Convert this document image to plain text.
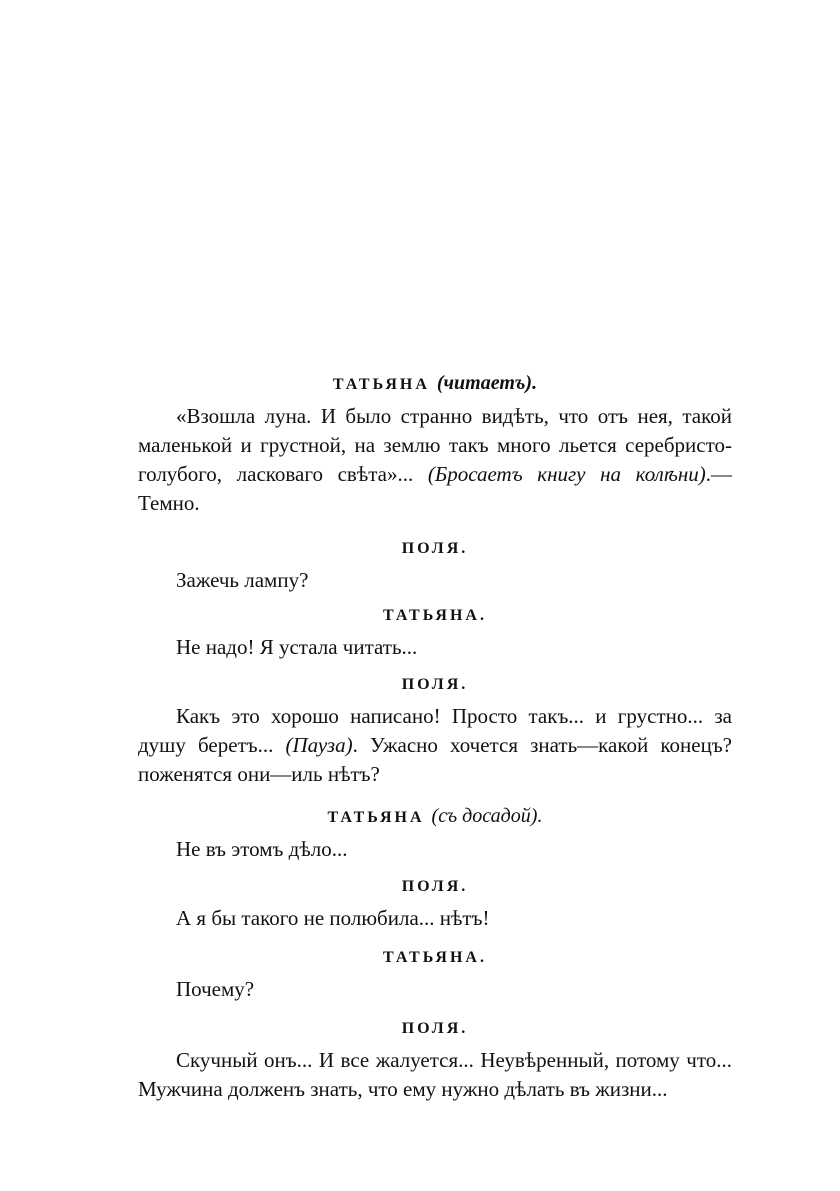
ТАТЬЯНА (читаетъ).

«Взошла луна. И было странно видѣть, что отъ нея, такой маленькой и грустной, на землю такъ много льется серебристо-голубого, ласковаго свѣта»... (Бросаетъ книгу на колѣни).—Темно.

ПОЛЯ.

Зажечь лампу?

ТАТЬЯНА.

Не надо! Я устала читать...

ПОЛЯ.

Какъ это хорошо написано! Просто такъ... и грустно... за душу беретъ... (Пауза). Ужасно хочется знать—какой конецъ? поженятся они—иль нѣтъ?

ТАТЬЯНА (съ досадой).

Не въ этомъ дѣло...

ПОЛЯ.

А я бы такого не полюбила... нѣтъ!

ТАТЬЯНА.

Почему?

ПОЛЯ.

Скучный онъ... И все жалуется... Неувѣренный, потому что... Мужчина долженъ знать, что ему нужно дѣлать въ жизни...
